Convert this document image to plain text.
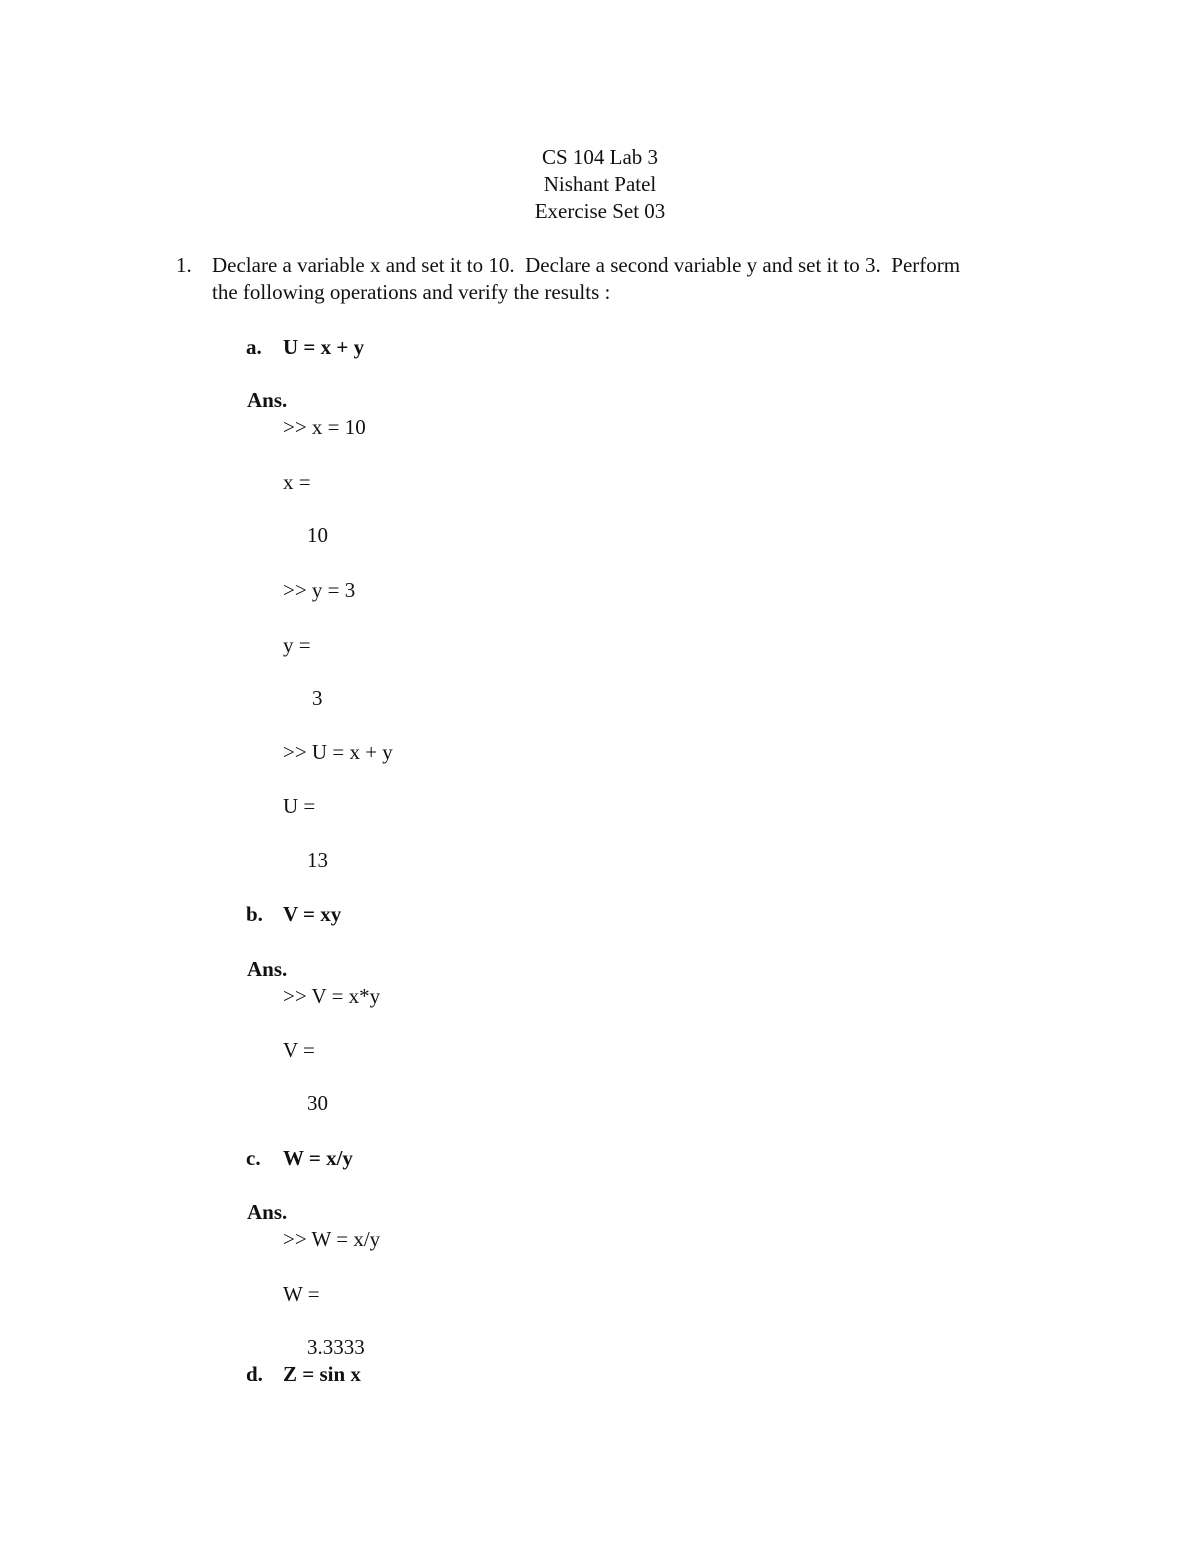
CS 104 Lab 3
Nishant Patel
Exercise Set 03
1. Declare a variable x and set it to 10.  Declare a second variable y and set it to 3.  Perform
the following operations and verify the results :
a. U = x + y
Ans.
>> x = 10
x =
10
>> y = 3
y =
3
>> U = x + y
U =
13
b. V = xy
Ans.
>> V = x*y
V =
30
c. W = x/y
Ans.
>> W = x/y
W =
3.3333
d. Z = sin x
